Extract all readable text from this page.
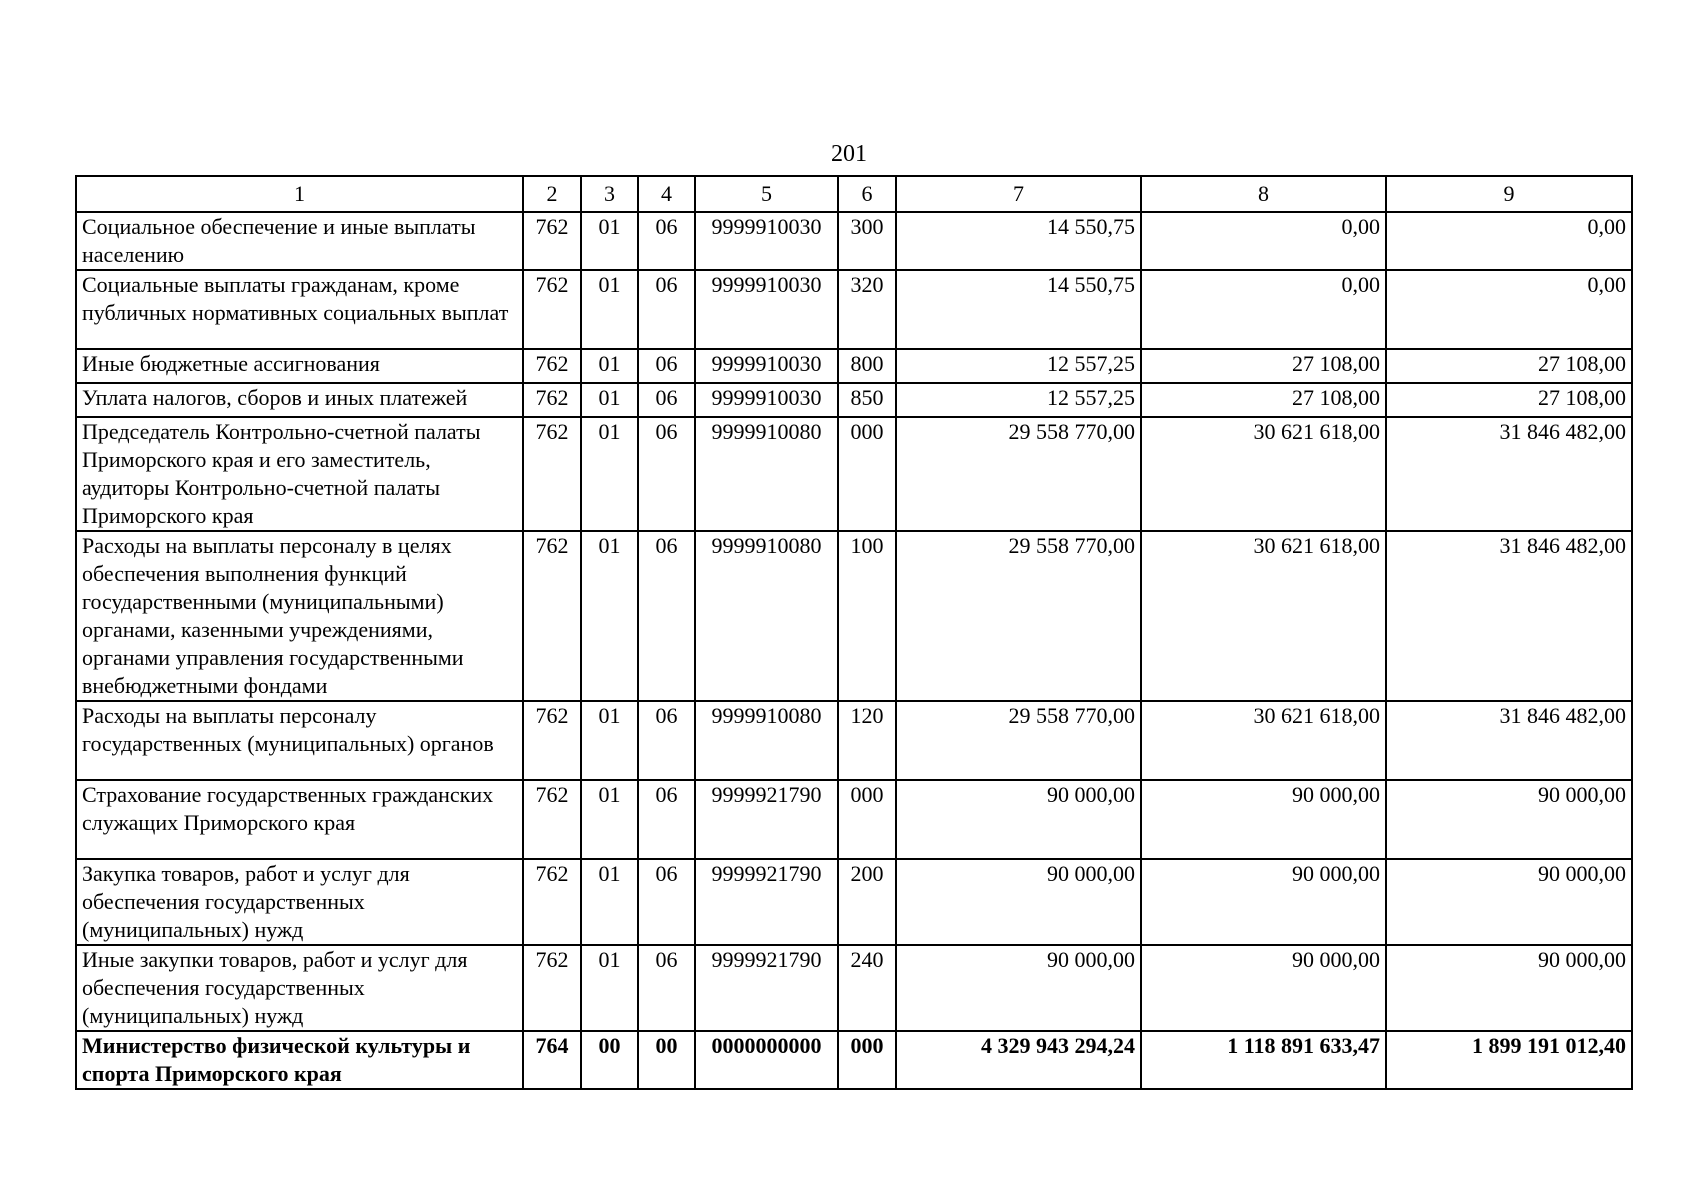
201
1	2	3	4	5	6	7	8	9
Социальное обеспечение и иные выплаты населению	762	01	06	9999910030	300	14 550,75	0,00	0,00
Социальные выплаты гражданам, кроме публичных нормативных социальных выплат	762	01	06	9999910030	320	14 550,75	0,00	0,00
Иные бюджетные ассигнования	762	01	06	9999910030	800	12 557,25	27 108,00	27 108,00
Уплата налогов, сборов и иных платежей	762	01	06	9999910030	850	12 557,25	27 108,00	27 108,00
Председатель Контрольно-счетной палаты Приморского края и его заместитель, аудиторы Контрольно-счетной палаты Приморского края	762	01	06	9999910080	000	29 558 770,00	30 621 618,00	31 846 482,00
Расходы на выплаты персоналу в целях обеспечения выполнения функций государственными (муниципальными) органами, казенными учреждениями, органами управления государственными внебюджетными фондами	762	01	06	9999910080	100	29 558 770,00	30 621 618,00	31 846 482,00
Расходы на выплаты персоналу государственных (муниципальных) органов	762	01	06	9999910080	120	29 558 770,00	30 621 618,00	31 846 482,00
Страхование государственных гражданских служащих Приморского края	762	01	06	9999921790	000	90 000,00	90 000,00	90 000,00
Закупка товаров, работ и услуг для обеспечения государственных (муниципальных) нужд	762	01	06	9999921790	200	90 000,00	90 000,00	90 000,00
Иные закупки товаров, работ и услуг для обеспечения государственных (муниципальных) нужд	762	01	06	9999921790	240	90 000,00	90 000,00	90 000,00
Министерство физической культуры и спорта Приморского края	764	00	00	0000000000	000	4 329 943 294,24	1 118 891 633,47	1 899 191 012,40
